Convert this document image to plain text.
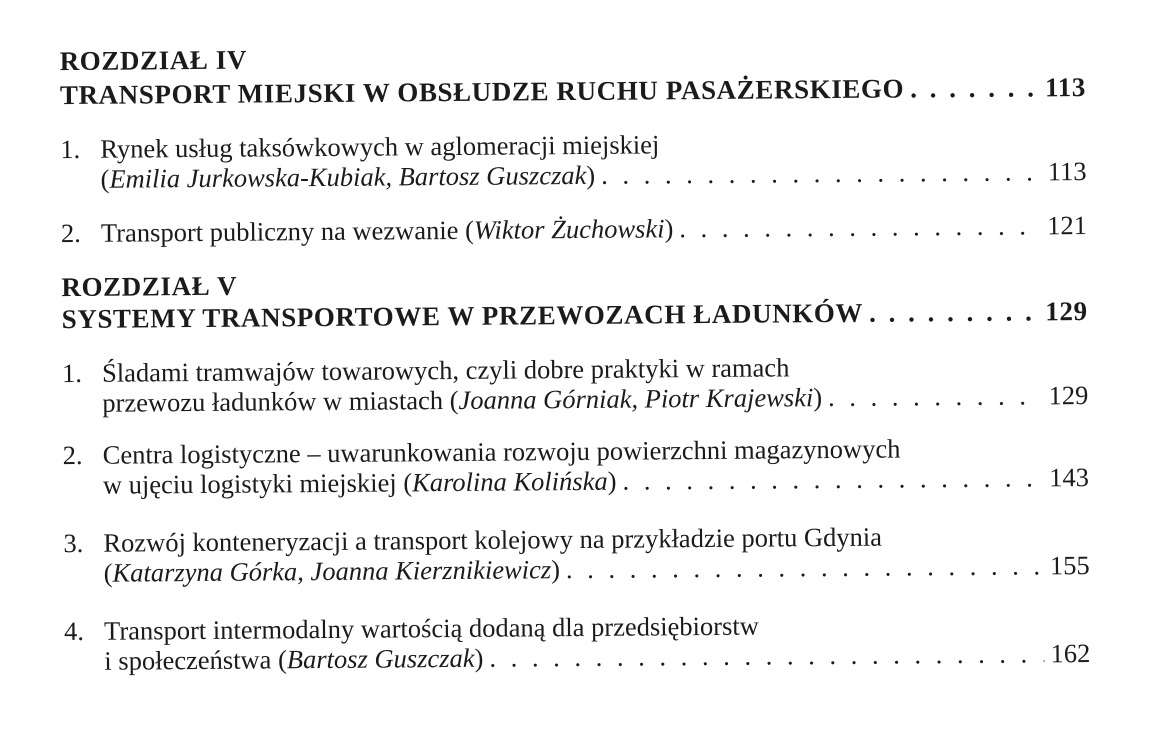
ROZDZIAŁ IV
TRANSPORT MIEJSKI W OBSŁUDZE RUCHU PASAŻERSKIEGO . . .	113
1. Rynek usług taksówkowych w aglomeracji miejskiej
( Emilia Jurkowska-Kubiak, Bartosz Guszczak ) . . .	113
2. Transport publiczny na wezwanie ( Wiktor Żuchowski ) . . .	121
ROZDZIAŁ V
SYSTEMY TRANSPORTOWE W PRZEWOZACH ŁADUNKÓW . . .	129
1. Śladami tramwajów towarowych, czyli dobre praktyki w ramach
przewozu ładunków w miastach ( Joanna Górniak, Piotr Krajewski ) . . .	129
2. Centra logistyczne – uwarunkowania rozwoju powierzchni magazynowych
w ujęciu logistyki miejskiej ( Karolina Kolińska ) . . .	143
3. Rozwój konteneryzacji a transport kolejowy na przykładzie portu Gdynia
( Katarzyna Górka, Joanna Kierznikiewicz ) . . .	155
4. Transport intermodalny wartością dodaną dla przedsiębiorstw
i społeczeństwa ( Bartosz Guszczak ) . . .	162
